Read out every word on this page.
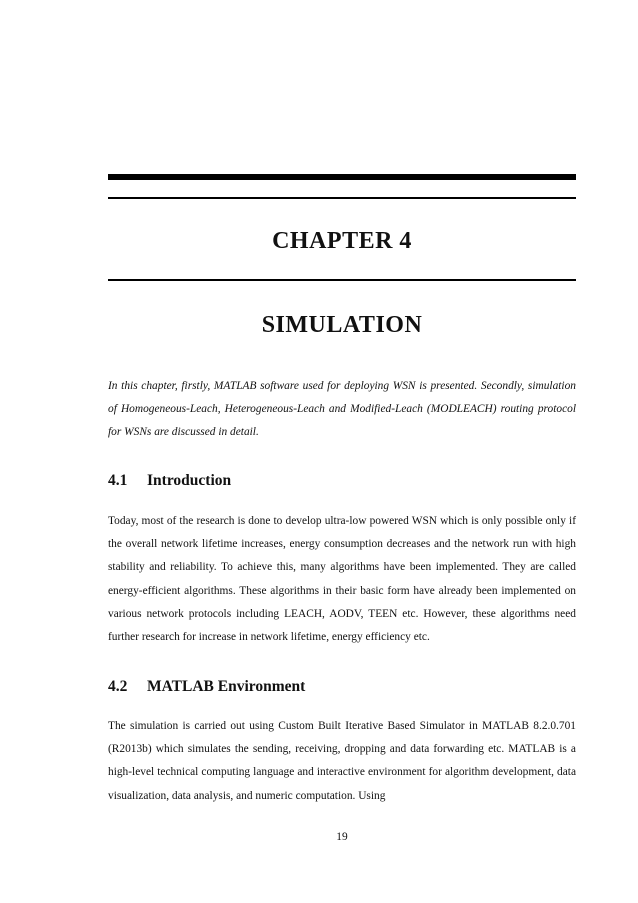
CHAPTER 4
SIMULATION

In this chapter, firstly, MATLAB software used for deploying WSN is presented. Secondly, simulation of Homogeneous-Leach, Heterogeneous-Leach and Modified-Leach (MODLEACH) routing protocol for WSNs are discussed in detail.

4.1 Introduction

Today, most of the research is done to develop ultra-low powered WSN which is only possible only if the overall network lifetime increases, energy consumption decreases and the network run with high stability and reliability. To achieve this, many algorithms have been implemented. They are called energy-efficient algorithms. These algorithms in their basic form have already been implemented on various network protocols including LEACH, AODV, TEEN etc. However, these algorithms need further research for increase in network lifetime, energy efficiency etc.

4.2 MATLAB Environment

The simulation is carried out using Custom Built Iterative Based Simulator in MATLAB 8.2.0.701 (R2013b) which simulates the sending, receiving, dropping and data forwarding etc. MATLAB is a high-level technical computing language and interactive environment for algorithm development, data visualization, data analysis, and numeric computation. Using

19
